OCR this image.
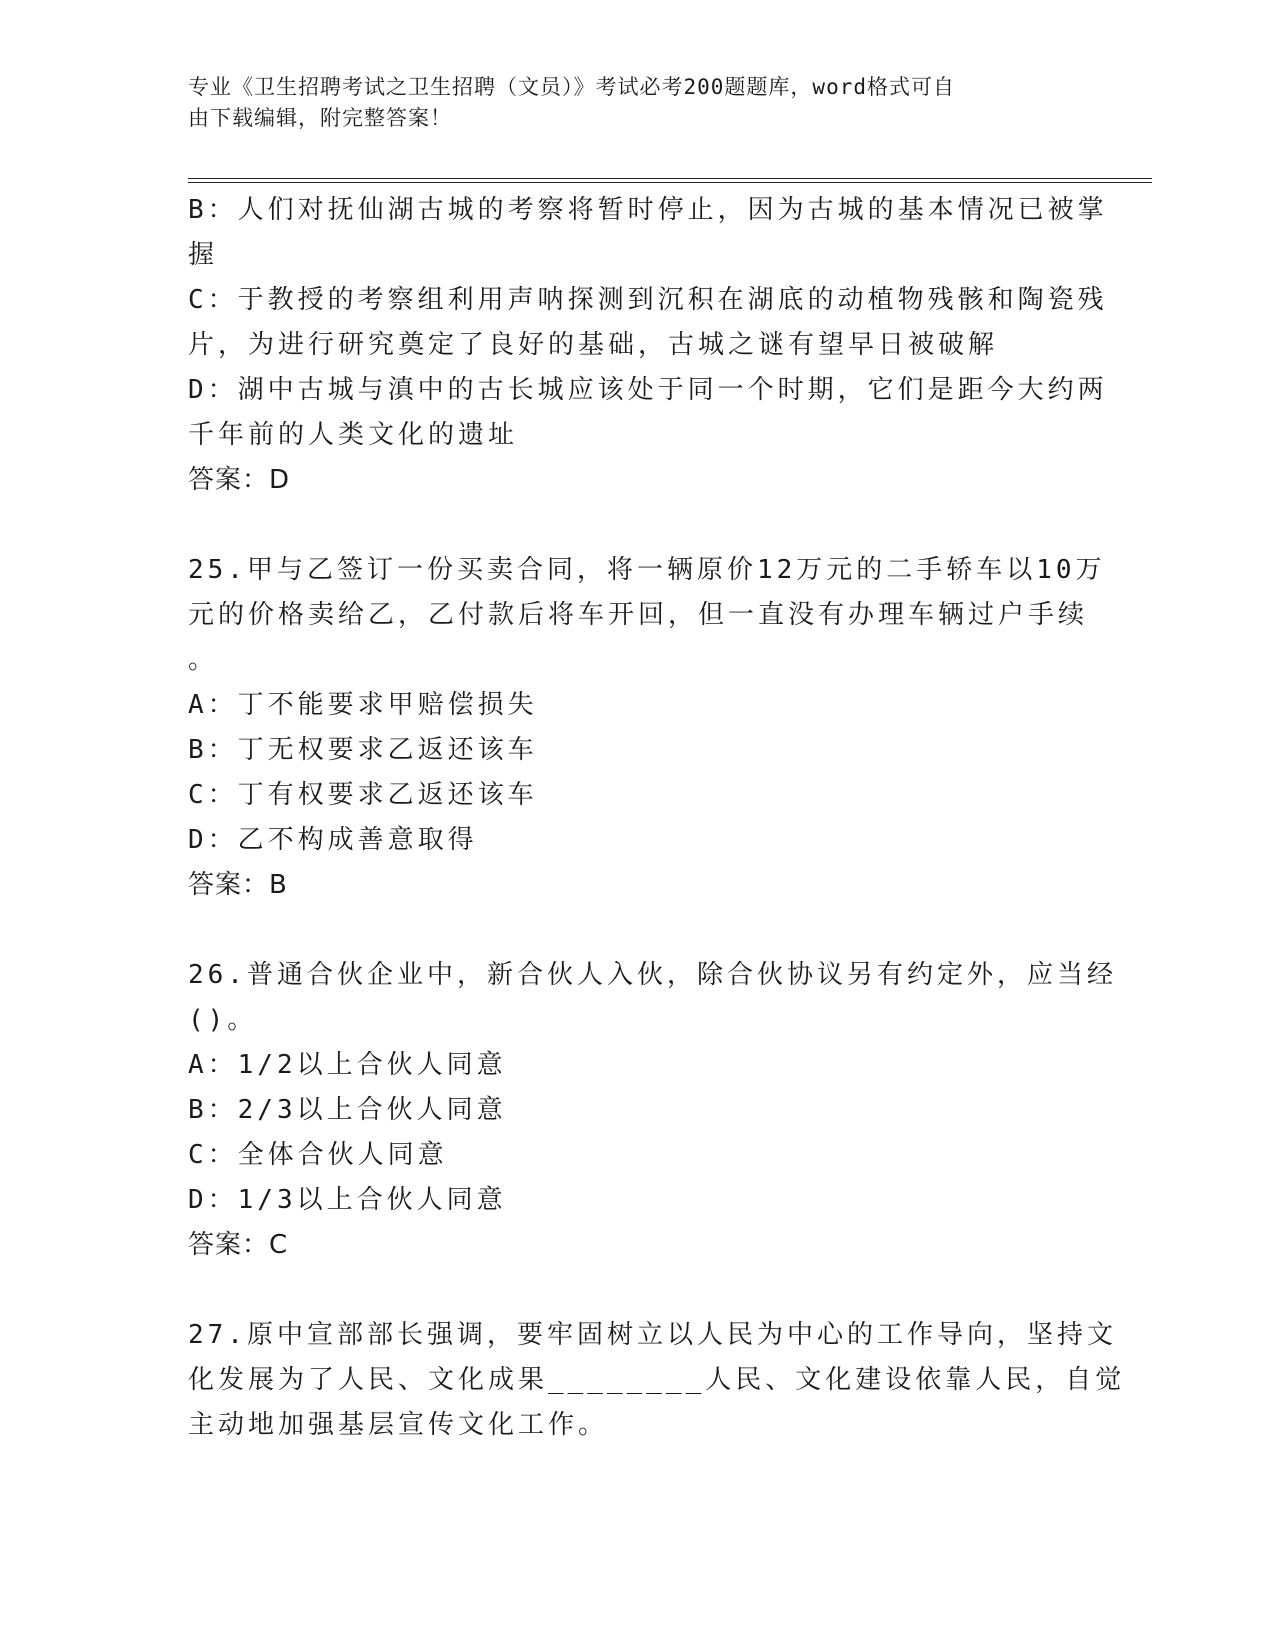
专业《卫生招聘考试之卫生招聘（文员）》考试必考200题题库，word格式可自
由下载编辑，附完整答案！
B：人们对抚仙湖古城的考察将暂时停止，因为古城的基本情况已被掌
握
C：于教授的考察组利用声呐探测到沉积在湖底的动植物残骸和陶瓷残
片，为进行研究奠定了良好的基础，古城之谜有望早日被破解
D：湖中古城与滇中的古长城应该处于同一个时期，它们是距今大约两
千年前的人类文化的遗址
答案：D
25.甲与乙签订一份买卖合同，将一辆原价12万元的二手轿车以10万
元的价格卖给乙，乙付款后将车开回，但一直没有办理车辆过户手续
。
A：丁不能要求甲赔偿损失
B：丁无权要求乙返还该车
C：丁有权要求乙返还该车
D：乙不构成善意取得
答案：B
26.普通合伙企业中，新合伙人入伙，除合伙协议另有约定外，应当经
()。
A：1/2以上合伙人同意
B：2/3以上合伙人同意
C：全体合伙人同意
D：1/3以上合伙人同意
答案：C
27.原中宣部部长强调，要牢固树立以人民为中心的工作导向，坚持文
化发展为了人民、文化成果________人民、文化建设依靠人民，自觉
主动地加强基层宣传文化工作。
